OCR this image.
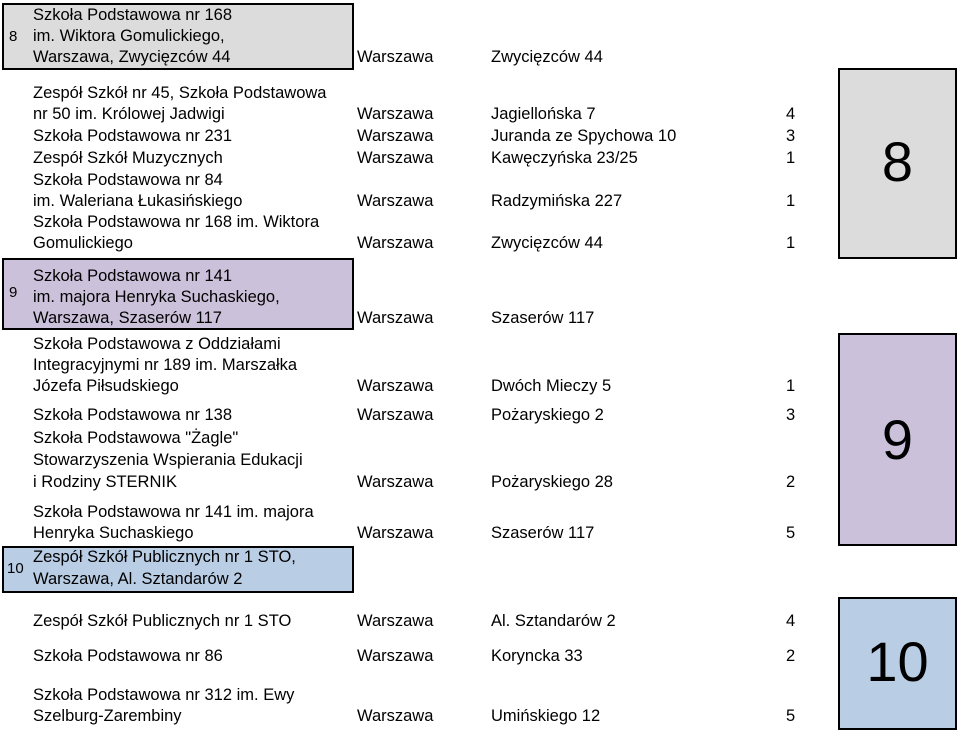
8
Szkoła Podstawowa nr 168
im. Wiktora Gomulickiego,
Warszawa, Zwycięzców 44	Warszawa	Zwycięzców 44
Zespół Szkół nr 45, Szkoła Podstawowa
nr 50 im. Królowej Jadwigi	Warszawa	Jagiellońska 7	4
Szkoła Podstawowa nr 231	Warszawa	Juranda ze Spychowa 10	3
Zespół Szkół Muzycznych	Warszawa	Kawęczyńska 23/25	1
Szkoła Podstawowa nr 84
im. Waleriana Łukasińskiego	Warszawa	Radzymińska 227	1
Szkoła Podstawowa nr 168 im. Wiktora
Gomulickiego	Warszawa	Zwycięzców 44	1
8
9
Szkoła Podstawowa nr 141
im. majora Henryka Suchaskiego,
Warszawa, Szaserów 117	Warszawa	Szaserów 117
Szkoła Podstawowa z Oddziałami
Integracyjnymi nr 189 im. Marszałka
Józefa Piłsudskiego	Warszawa	Dwóch Mieczy 5	1
Szkoła Podstawowa nr 138	Warszawa	Pożaryskiego 2	3
Szkoła Podstawowa "Żagle"
Stowarzyszenia Wspierania Edukacji
i Rodziny STERNIK	Warszawa	Pożaryskiego 28	2
Szkoła Podstawowa nr 141 im. majora
Henryka Suchaskiego	Warszawa	Szaserów 117	5
9
10
Zespół Szkół Publicznych nr 1 STO,
Warszawa, Al. Sztandarów 2
Zespół Szkół Publicznych nr 1 STO	Warszawa	Al. Sztandarów 2	4
Szkoła Podstawowa nr 86	Warszawa	Koryncka 33	2
Szkoła Podstawowa nr 312 im. Ewy
Szelburg-Zarembiny	Warszawa	Umińskiego 12	5
10
